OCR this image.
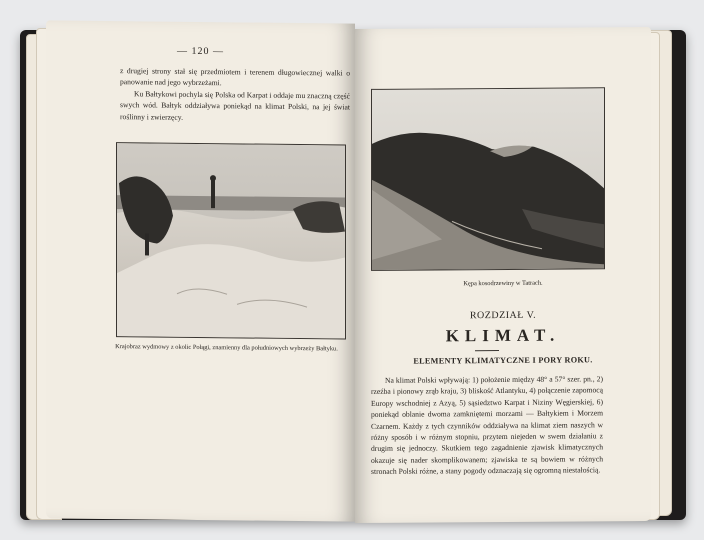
— 120 —

z drugiej strony stał się przedmiotem i terenem długowiecznej walki o panowanie nad jego wybrzeżami.

Ku Bałtykowi pochyla się Polska od Karpat i oddaje mu znaczną część swych wód. Bałtyk oddziaływa poniekąd na klimat Polski, na jej świat roślinny i zwierzęcy.

Krajobraz wydmowy z okolic Połągi, znamienny dla południowych wybrzeży Bałtyku.
Kępa kosodrzewiny w Tatrach.
ROZDZIAŁ V.
KLIMAT.
ELEMENTY KLIMATYCZNE I PORY ROKU.

Na klimat Polski wpływają: 1) położenie między 48° a 57° szer. pn., 2) rzeźba i pionowy zrąb kraju, 3) bliskość Atlantyku, 4) połączenie zapomocą Europy wschodniej z Azyą, 5) sąsiedztwo Karpat i Niziny Węgierskiej, 6) poniekąd oblanie dwoma zamkniętemi morzami — Bałtykiem i Morzem Czarnem. Każdy z tych czynników oddziaływa na klimat ziem naszych w różny sposób i w różnym stopniu, przytem niejeden w swem działaniu z drugim się jednoczy. Skutkiem tego zagadnienie zjawisk klimatycznych okazuje się nader skomplikowanem; zjawiska te są bowiem w różnych stronach Polski różne, a stany pogody odznaczają się ogromną niestałością.
